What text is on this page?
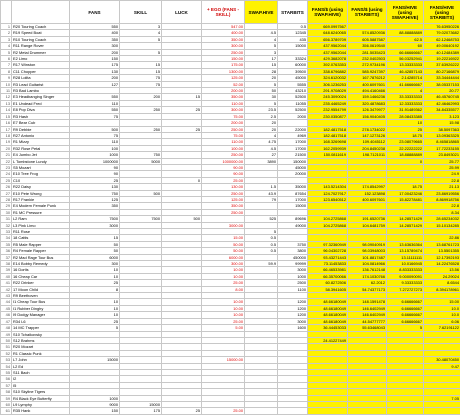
		FANS	SKILL	LUCK	+ EGO (FANS - SKILL)	SWAP.HIVE	STARBITS	FANS/$ (using SWAP.HIVE)	FANS/$ (using STARBITS)	FANS/HIVE (using SWAP.HIVE)	FANS/HIVE (using STARBITS)
1	R20 Touring Coach	550	3		547.00		0.5	669.0997567			76.63950226
2	R19 Speed Boat	400	4		400.00	4.5	12345	648.6240065	574.8520936	88.88888889	79.02073682
3	R10 Touring Coach	350	5		350.00	4	435	656.3789709	605.5887587	62.5	62.12468753
4	R11 Range Rover	300			300.00	5	15000	437.9562044	356.0619540	60	49.00640192
5	R2 Metal Drummer	200	5		250.00	3		437.9562044	281.5035423	66.66666667	40.12484389
6	E2 Limo	150			150.00	17	33324	429.3682078	232.0402503	56.03252941	19.22216922
7	R17 Winston	175	15		175.00	15	60000	392.0763353	272.9734196	13.33333333	37.63926222
8	C11 Chopper	130	15		1300.00	28	39500	338.6796882	585.9247397	46.42857143	80.27166879
9	R28 Lolita	200	75		125.00	20	45000	324.6120032	167.7876212	2.14285714	33.34444444
10	R3 Lead Guitarist	127	75		52.00	5	5555	306.1236253	400.6097601	41.66666667	38.05337153
11	R3 Bad Lambo				200.00	50	43210	291.9708029	494.4160466	4	20.77
12	E3 Headbanging Singer	550	200	15	350.00	30	52500	245.3090024	159.1466236	33.33333333	46.45760745
13	E1 Undead Fred	110			110.00	5	11055	235.4465249	320.4878683	12.33333333	42.46462993
14	E8 Pop Diva	550	250	25	300.00	23.5	52500	232.9554799	126.3479977	31.91489362	34.84335577
15	R3 Hash	75			75.00	2.5	2000	230.0350877	156.9040405	28.08433385	3.123
16	E7 Bear Cub				200.00	20				10	15.98
17	R9 Debbie	500	250	25	250.00	20	22000	182.4817518	278.1734022	25	38.5097363
18	R27 Antonio	75			75.00	4	4969	182.4817518	147.1273126	18.75	13.09363325
19	R1 Mizzy	110			110.00	4.75	17000	168.3269698	109.4045112	23.08079665	8.465818865
20	R32 Rose Petal	100			100.00	4.5	17000	162.2059939	204.8450238	22.22222222	17.72233155
21	E4 Jumbo Jet	1000	750		250.00	27	21500	150.0811619	198.7121011	18.88888889	23.8493021
22	L Tombstone Lundy	1000000	5000		1000000.00	3890	150000			0	25.77
23	S5 Mozart	90			90.00		45000				25.99
24	E10 Tree Frog	90			90.00		20000				24.9
25	C10	25		0	25.00						22.8
26	R22 Daisy	130			130.00	1.5	35000	143.5214304	174.8542997	18.75	21.13
27	E10 Pete Wrong	750	500		250.00	43.9	87654	124.7027917	152.123898	17.00423246	23.86919556
28	R17 Frankie	125			125.00	79	17000	123.6540512	400.6097601	15.82278481	8.869918756
29	E4 Modern Female Punk	350			350.00		15000				22.8
30	R1 MC Pressure				250.00						8.34
31	L2 Ram	7500	7500	500		525	89696	104.2725868	191.6520736	14.28571429	28.65234032
32	L3 Pink Limo	3000			3000.00		49000	104.2725868	104.6481759	14.28571429	15.10134285
33	R11 Rose					5					
34	18 Cattis	15			15.00	0.5					22.86
35	R5 Male Rapper	50			50.00	0.5	3750	97.32360949	98.09040919	13.63636364	13.68761723
36	R4 Female Rapper	50			50.00	0.5	3800	96.04302728	98.03948003	13.15789474	13.5501355
37	R2 Mad Rage Tour Bus	6000			6000.00		450000	93.43271443	101.8817487	13.11111111	12.17392193
38	E14 Bobby Remedy	300			300.00	59.9	99999	73.11453833	104.0814966	10.0166945	14.22476528
39	16 Dortis	10			10.00		3000	66.46533981	136.7612148	8.833333333	13.56
40	16 Cheap Car	10			10.00		1000	66.35700066	174.1030766	9.000090091	24.29024
41	R22 Drinker	25			25.00		2500	60.8272506	62.2012	9.33333333	8.6544
42	17 Moon Child	8			8.00		1100	58.3941605	54.74377173	7.272727273	8.394178961
43	R9 Beethoven										
44	I1 Cheap Tour Bus	10			10.00		1200	48.66180049	148.1591478	6.66666667	15.00
45	I1 Rubber Dinghy	10			10.00		1200	48.66180049	146.6402949	6.66666667	10.0
46	I9 Dodgy Manager	10			10.00		1200	48.66180049	146.6402949	6.66666667	10.0
47	R34 L6	25			25.00		3000	48.66180049	44.54777777	6.66666667	6.06
48	14 MC Trapper	5			5.00		1600	36.44453033	55.63468043	5	7.62191122
49	S10 Tchaikovsky										
50	S12 Brahms							24.41227449			
51	R20 Mozart										
52	R1 Classic Punk										
53	L7 John	15000			15000.00						30.48070450
54	L2 Ed										9.47
55	S11 Bach										
56	I2										
57	I5										
58	S10 Skyline Tigers										
59	R4 Black Eye Butterfly	1000									7.05
60	L9 Lymphy	9000	15000								
61	R35 Hank	150	175	25	25.00						
